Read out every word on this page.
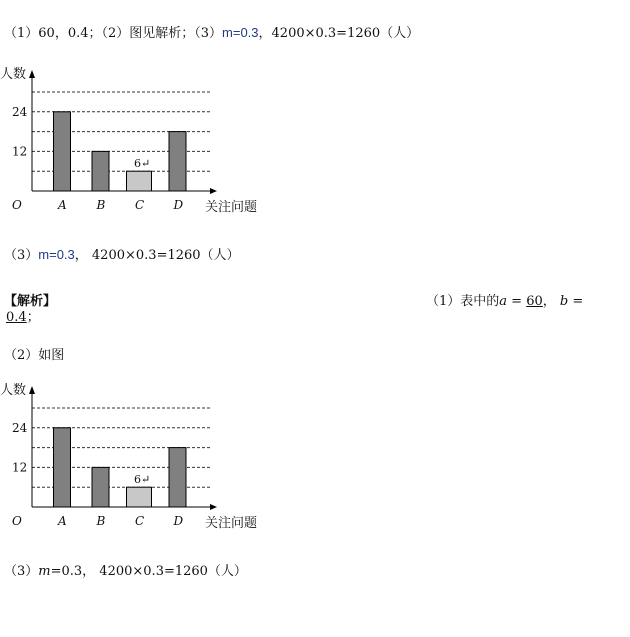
（1）60，0.4；（2）图见解析；（3）m=0.3，4200×0.3=1260（人）
A B
6↵
C D
12
24
人数
关注问题
O
（3）m=0.3， 4200×0.3=1260（人）
【解析】	（1）表中的a = 60， b =
0.4；
（2）如图
A B
6↵
C D
12
24
人数
关注问题
O
（3）m=0.3， 4200×0.3=1260（人）
